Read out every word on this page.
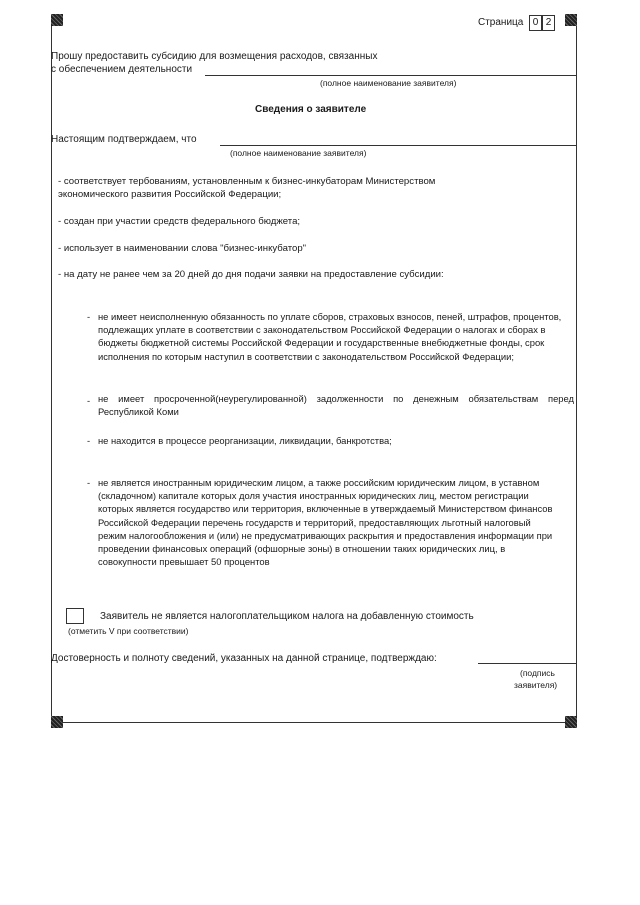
Страница 0 2
Прошу предоставить субсидию для возмещения расходов, связанных
с обеспечением деятельности
(полное наименование заявителя)
Сведения о заявителе
Настоящим подтверждаем, что
(полное наименование заявителя)
- соответствует тербованиям, установленным к бизнес-инкубаторам Министерством экономического развития Российской Федерации;
- создан при участии средств федерального бюджета;
- использует в наименовании слова "бизнес-инкубатор"
- на дату не ранее чем за 20 дней до дня подачи заявки на предоставление субсидии:
- не имеет неисполненную обязанность по уплате сборов, страховых взносов, пеней, штрафов, процентов, подлежащих уплате в соответствии с законодательством Российской Федерации о налогах и сборах в бюджеты бюджетной системы Российской Федерации и государственные внебюджетные фонды, срок исполнения по которым наступил в соответствии с законодательством Российской Федерации;
- не имеет просроченной(неурегулированной) задолженности по денежным обязательствам перед Республикой Коми
- не находится в процессе реорганизации, ликвидации, банкротства;
- не является иностранным юридическим лицом, а также российским юридическим лицом, в уставном (складочном) капитале которых доля участия иностранных юридических лиц, местом регистрации которых является государство или территория, включенные в утверждаемый Министерством финансов Российской Федерации перечень государств и территорий, предоставляющих льготный налоговый режим налогообложения и (или) не предусматривающих раскрытия и предоставления информации при проведении финансовых операций (офшорные зоны) в отношении таких юридических лиц, в совокупности превышает 50 процентов
Заявитель не является налогоплательщиком налога на добавленную стоимость
(отметить V при соответствии)
Достоверность и полноту сведений, указанных на данной странице, подтверждаю:
(подпись
заявителя)
